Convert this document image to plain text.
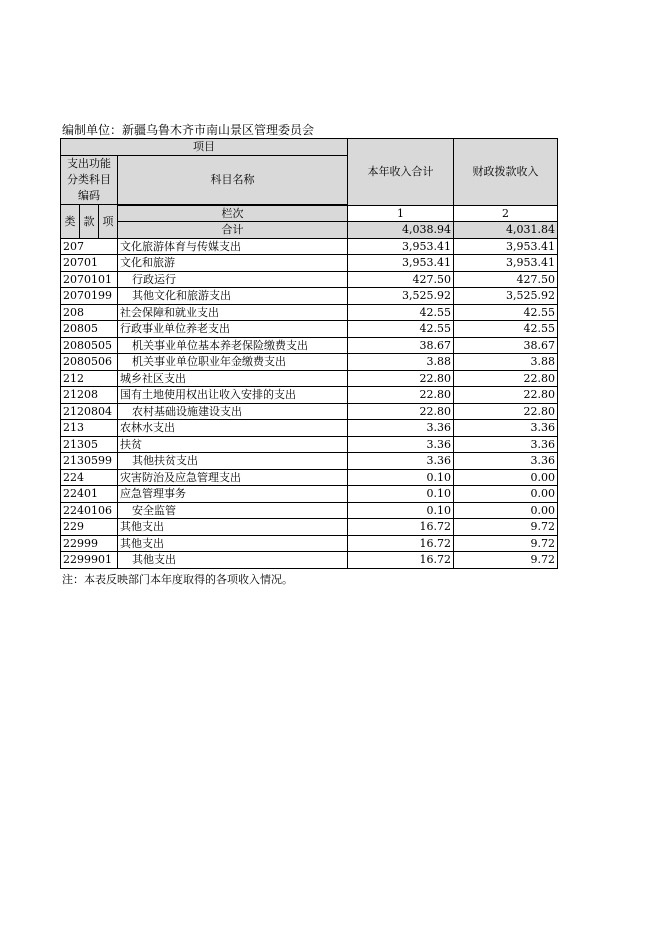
编制单位：新疆乌鲁木齐市南山景区管理委员会
项目				本年收入合计	财政拨款收入
支出功能分类科目编码			科目名称		

类	款	项			
			栏次	1	2
			合计	4,038.94	4,031.84
207			文化旅游体育与传媒支出	3,953.41	3,953.41
20701			文化和旅游	3,953.41	3,953.41
2070101			行政运行	427.50	427.50
2070199			其他文化和旅游支出	3,525.92	3,525.92
208			社会保障和就业支出	42.55	42.55
20805			行政事业单位养老支出	42.55	42.55
2080505			机关事业单位基本养老保险缴费支出	38.67	38.67
2080506			机关事业单位职业年金缴费支出	3.88	3.88
212			城乡社区支出	22.80	22.80
21208			国有土地使用权出让收入安排的支出	22.80	22.80
2120804			农村基础设施建设支出	22.80	22.80
213			农林水支出	3.36	3.36
21305			扶贫	3.36	3.36
2130599			其他扶贫支出	3.36	3.36
224			灾害防治及应急管理支出	0.10	0.00
22401			应急管理事务	0.10	0.00
2240106			安全监管	0.10	0.00
229			其他支出	16.72	9.72
22999			其他支出	16.72	9.72
2299901			其他支出	16.72	9.72
注：本表反映部门本年度取得的各项收入情况。
